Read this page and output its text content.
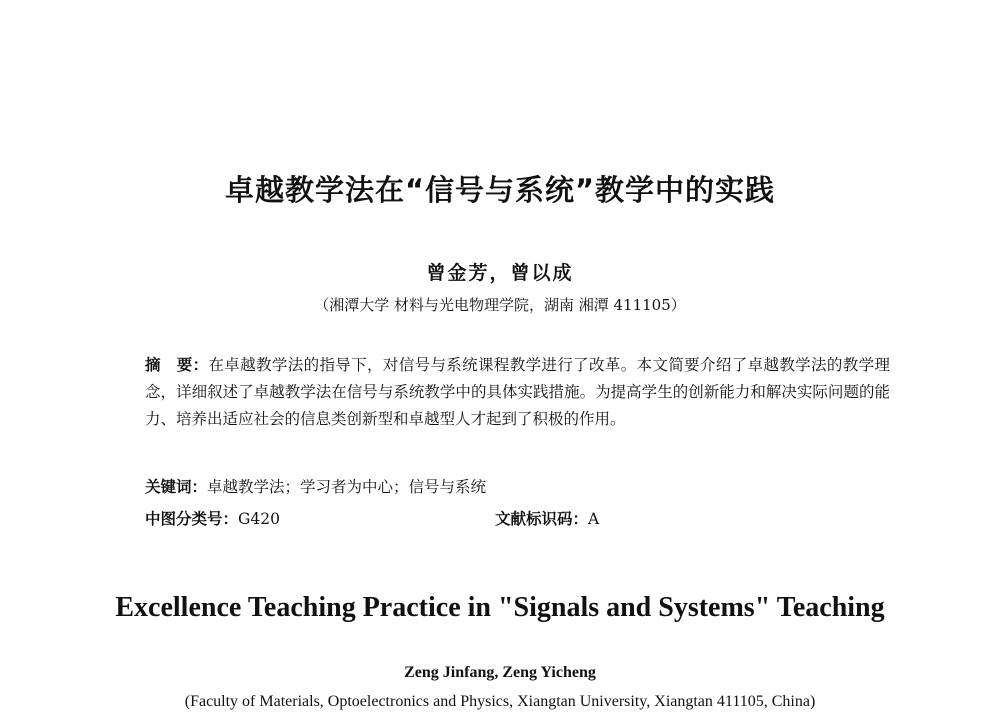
卓越教学法在“信号与系统”教学中的实践
曾金芳，曾以成
（湘潭大学 材料与光电物理学院，湖南 湘潭 411105）
摘　要：在卓越教学法的指导下，对信号与系统课程教学进行了改革。本文简要介绍了卓越教学法的教学理念，详细叙述了卓越教学法在信号与系统教学中的具体实践措施。为提高学生的创新能力和解决实际问题的能力、培养出适应社会的信息类创新型和卓越型人才起到了积极的作用。
关键词：卓越教学法；学习者为中心；信号与系统
中图分类号：G420	文献标识码：A
Excellence Teaching Practice in "Signals and Systems" Teaching
Zeng Jinfang, Zeng Yicheng
(Faculty of Materials, Optoelectronics and Physics, Xiangtan University, Xiangtan 411105, China)
